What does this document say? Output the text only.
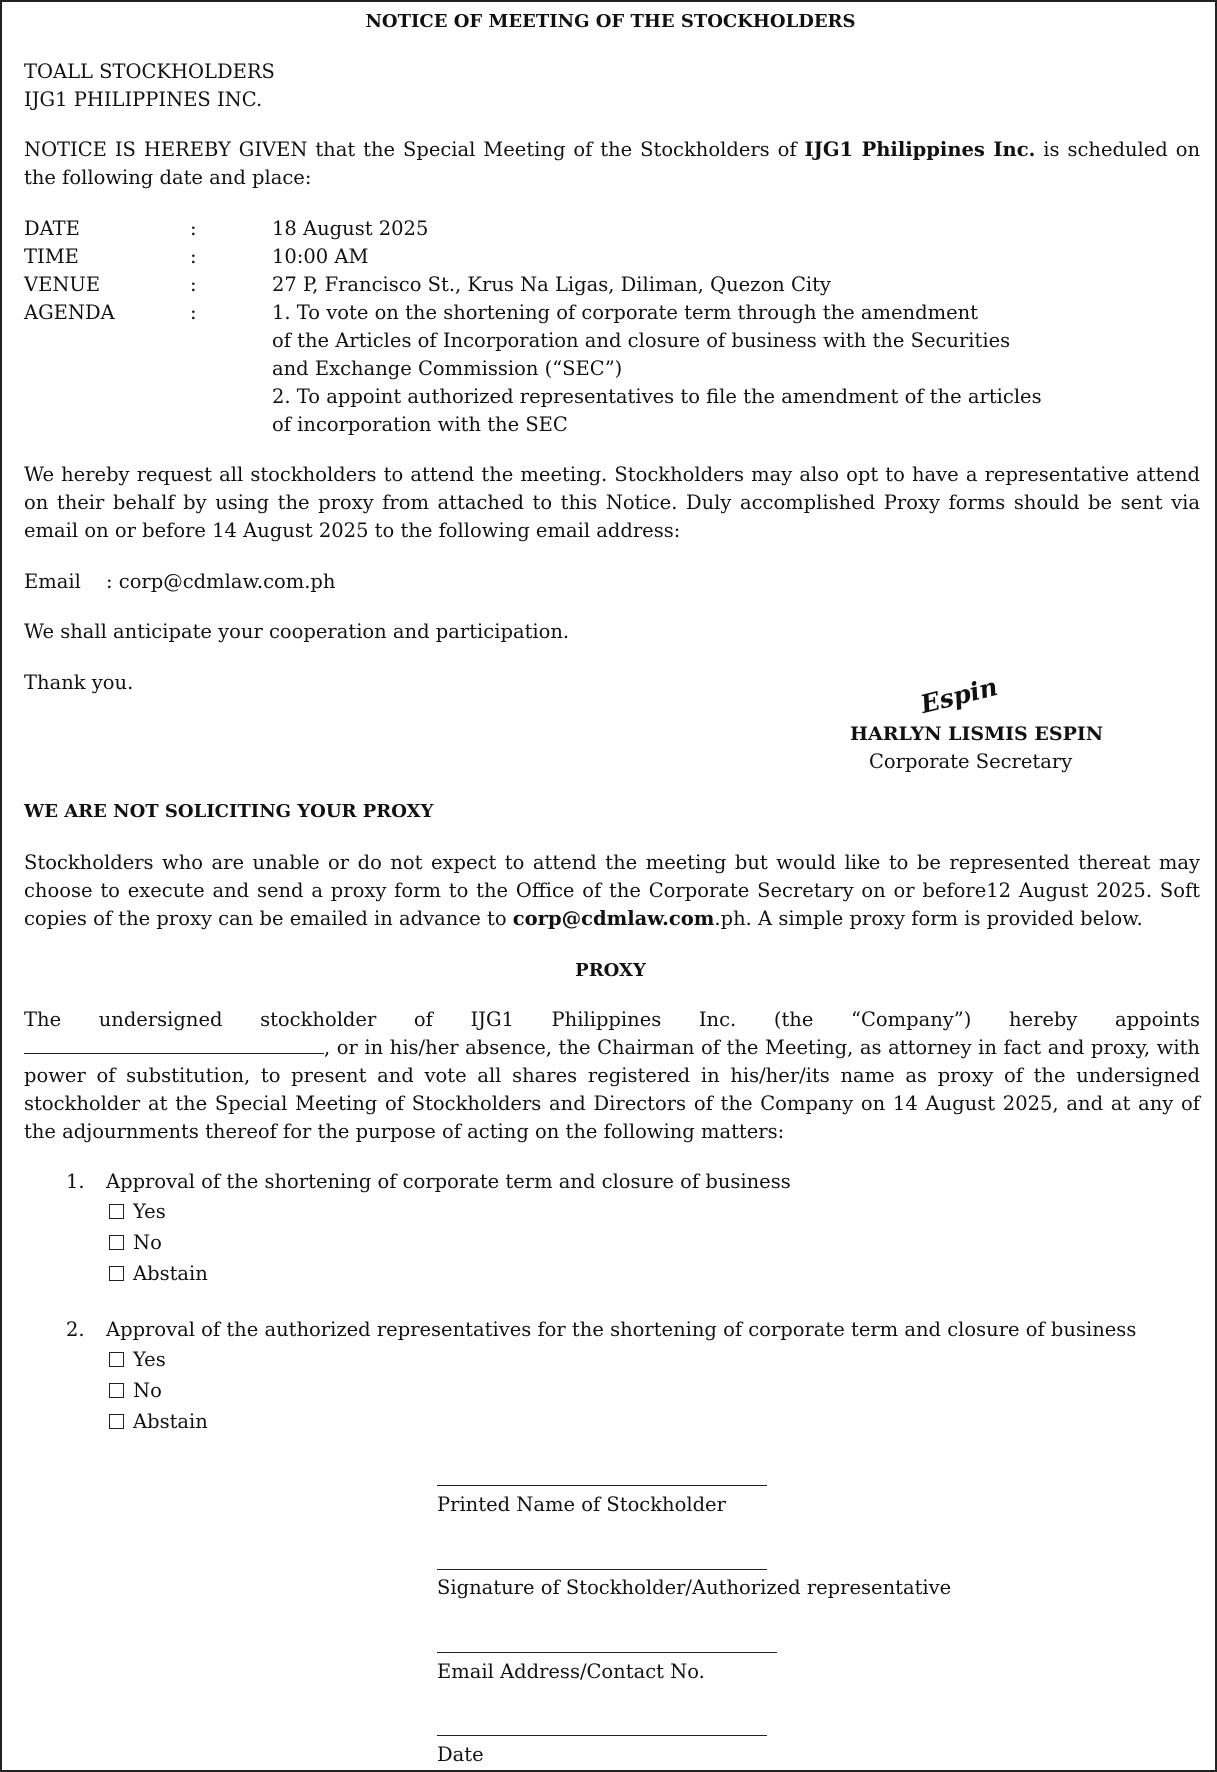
NOTICE OF MEETING OF THE STOCKHOLDERS
TOALL STOCKHOLDERS
IJG1 PHILIPPINES INC.
NOTICE IS HEREBY GIVEN that the Special Meeting of the Stockholders of IJG1 Philippines Inc. is scheduled on the following date and place:
DATE	:	18 August 2025
TIME	:	10:00 AM
VENUE	:	27 P, Francisco St., Krus Na Ligas, Diliman, Quezon City
AGENDA	:	1. To vote on the shortening of corporate term through the amendment
of the Articles of Incorporation and closure of business with the Securities
and Exchange Commission (“SEC”)
2. To appoint authorized representatives to file the amendment of the articles
of incorporation with the SEC
We hereby request all stockholders to attend the meeting. Stockholders may also opt to have a representative attend on their behalf by using the proxy from attached to this Notice. Duly accomplished Proxy forms should be sent via email on or before 14 August 2025 to the following email address:
Email : corp@cdmlaw.com.ph
We shall anticipate your cooperation and participation.
Thank you.	Espin
HARLYN LISMIS ESPIN
Corporate Secretary
WE ARE NOT SOLICITING YOUR PROXY
Stockholders who are unable or do not expect to attend the meeting but would like to be represented thereat may choose to execute and send a proxy form to the Office of the Corporate Secretary on or before12 August 2025. Soft copies of the proxy can be emailed in advance to corp@cdmlaw.com.ph. A simple proxy form is provided below.
PROXY
The undersigned stockholder of IJG1 Philippines Inc. (the “Company”) hereby appoints
, or in his/her absence, the Chairman of the Meeting, as attorney in fact and proxy, with power of substitution, to present and vote all shares registered in his/her/its name as proxy of the undersigned stockholder at the Special Meeting of Stockholders and Directors of the Company on 14 August 2025, and at any of the adjournments thereof for the purpose of acting on the following matters:
1. Approval of the shortening of corporate term and closure of business
Yes
No
Abstain
2. Approval of the authorized representatives for the shortening of corporate term and closure of business
Yes
No
Abstain
Printed Name of Stockholder
Signature of Stockholder/Authorized representative
Email Address/Contact No.
Date
